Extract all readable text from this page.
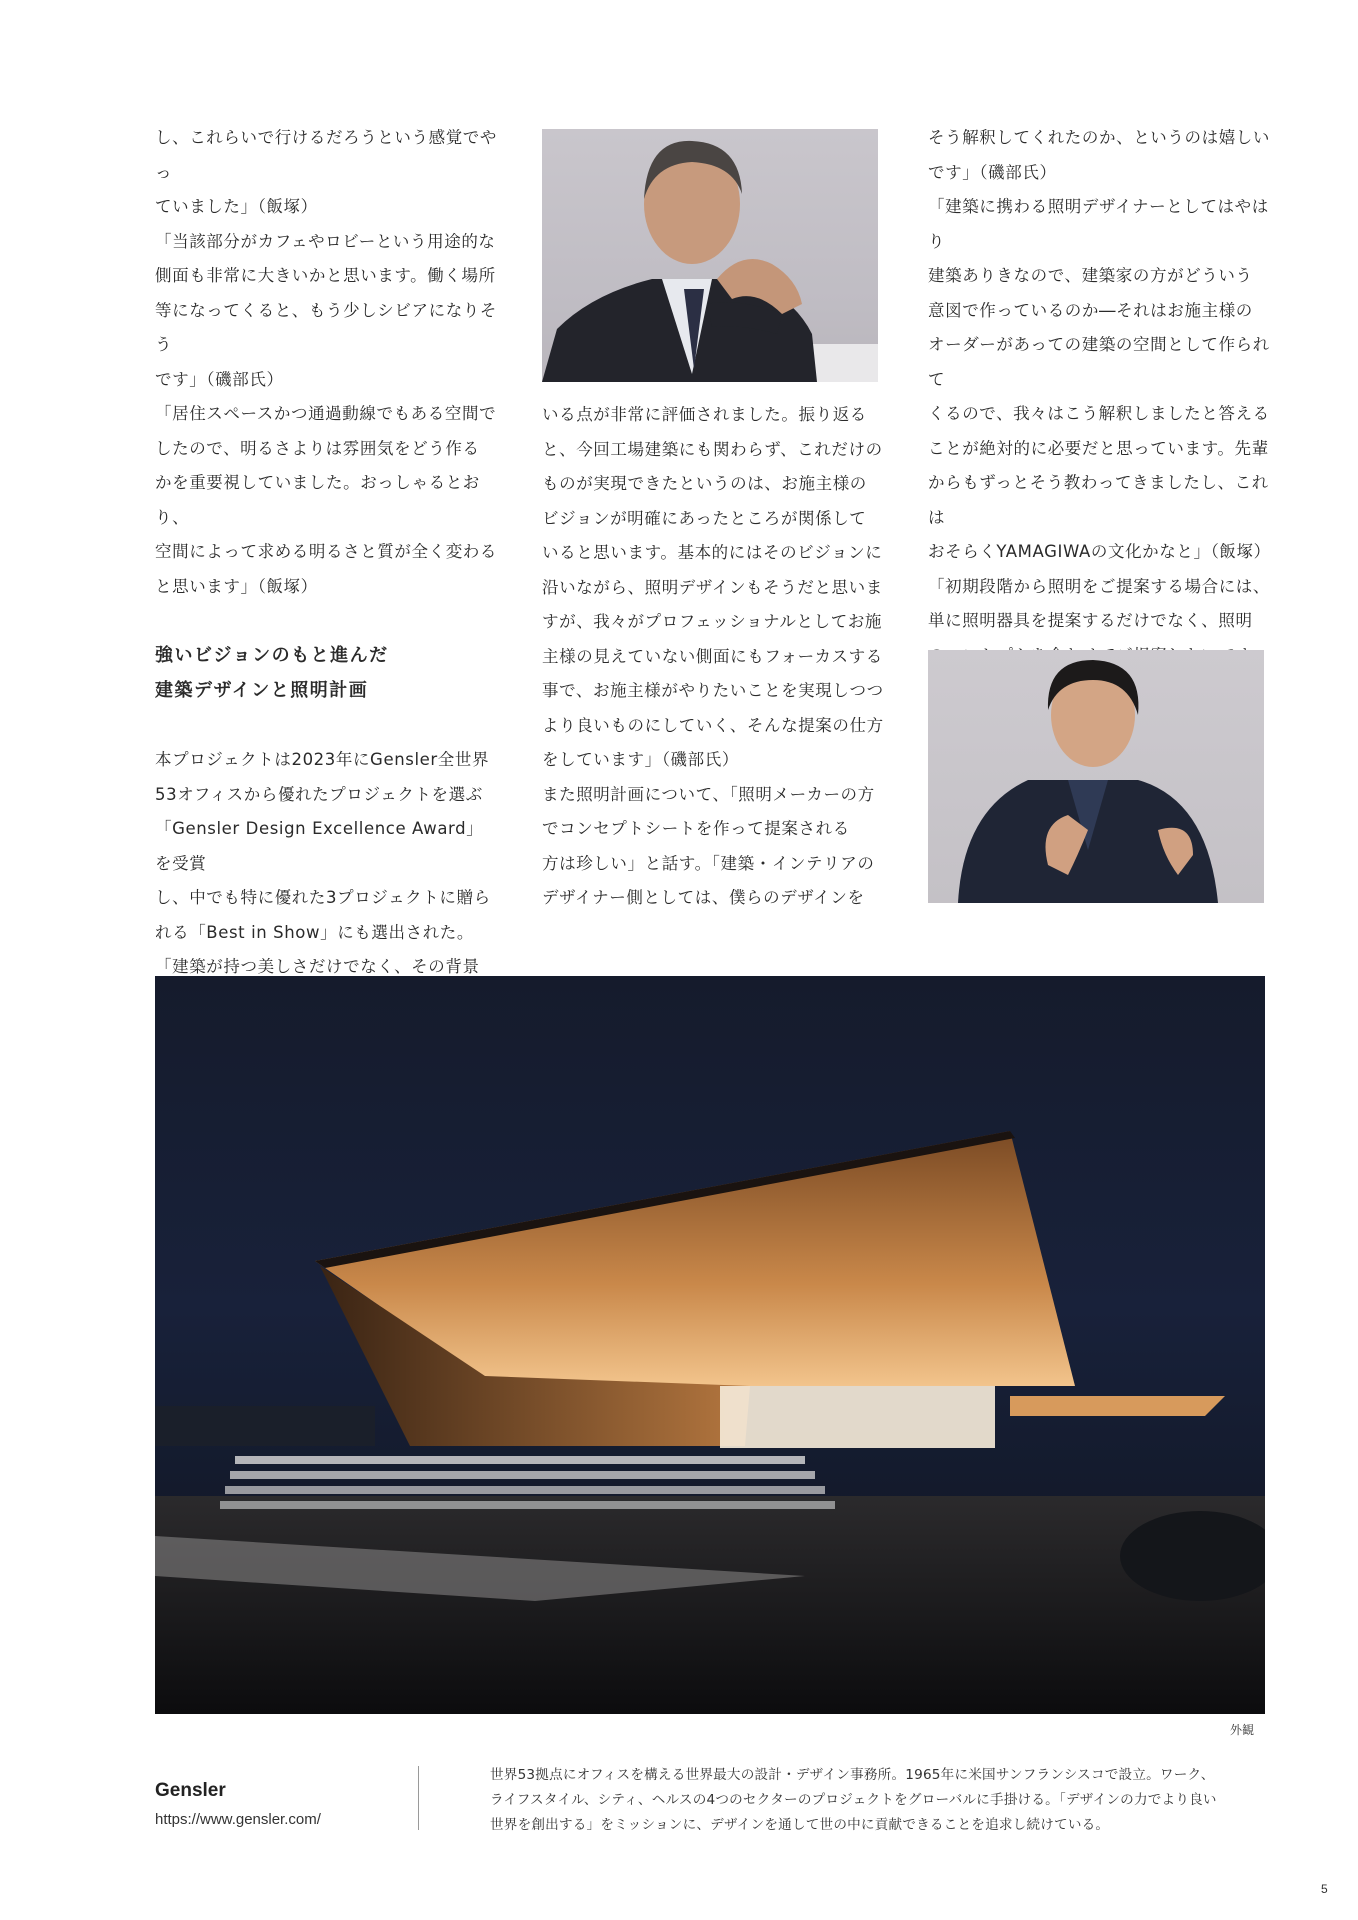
し、これらいで行けるだろうという感覚でやっ
ていました」（飯塚）

「当該部分がカフェやロビーという用途的な
側面も非常に大きいかと思います。働く場所
等になってくると、もう少しシビアになりそう
です」（磯部氏）

「居住スペースかつ通過動線でもある空間で
したので、明るさよりは雰囲気をどう作る
かを重要視していました。おっしゃるとおり、
空間によって求める明るさと質が全く変わる
と思います」（飯塚）

強いビジョンのもと進んだ
建築デザインと照明計画

本プロジェクトは2023年にGensler全世界
53オフィスから優れたプロジェクトを選ぶ
「Gensler Design Excellence Award」を受賞
し、中でも特に優れた3プロジェクトに贈ら
れる「Best in Show」にも選出された。

「建築が持つ美しさだけでなく、その背景

いる点が非常に評価されました。振り返る
と、今回工場建築にも関わらず、これだけの
ものが実現できたというのは、お施主様の
ビジョンが明確にあったところが関係して
いると思います。基本的にはそのビジョンに
沿いながら、照明デザインもそうだと思いま
すが、我々がプロフェッショナルとしてお施
主様の見えていない側面にもフォーカスする
事で、お施主様がやりたいことを実現しつつ
より良いものにしていく、そんな提案の仕方
をしています」（磯部氏）

また照明計画について、「照明メーカーの方
でコンセプトシートを作って提案される
方は珍しい」と話す。「建築・インテリアの
デザイナー側としては、僕らのデザインを

そう解釈してくれたのか、というのは嬉しい
です」（磯部氏）

「建築に携わる照明デザイナーとしてはやはり
建築ありきなので、建築家の方がどういう
意図で作っているのか―それはお施主様の
オーダーがあっての建築の空間として作られて
くるので、我々はこう解釈しましたと答える
ことが絶対的に必要だと思っています。先輩
からもずっとそう教わってきましたし、これは
おそらくYAMAGIWAの文化かなと」（飯塚）

「初期段階から照明をご提案する場合には、
単に照明器具を提案するだけでなく、照明

外観
Gensler
https://www.gensler.com/
世界53拠点にオフィスを構える世界最大の設計・デザイン事務所。1965年に米国サンフランシスコで設立。ワーク、
ライフスタイル、シティ、ヘルスの4つのセクターのプロジェクトをグローバルに手掛ける。「デザインの力でより良い
世界を創出する」をミッションに、デザインを通して世の中に貢献できることを追求し続けている。
5
